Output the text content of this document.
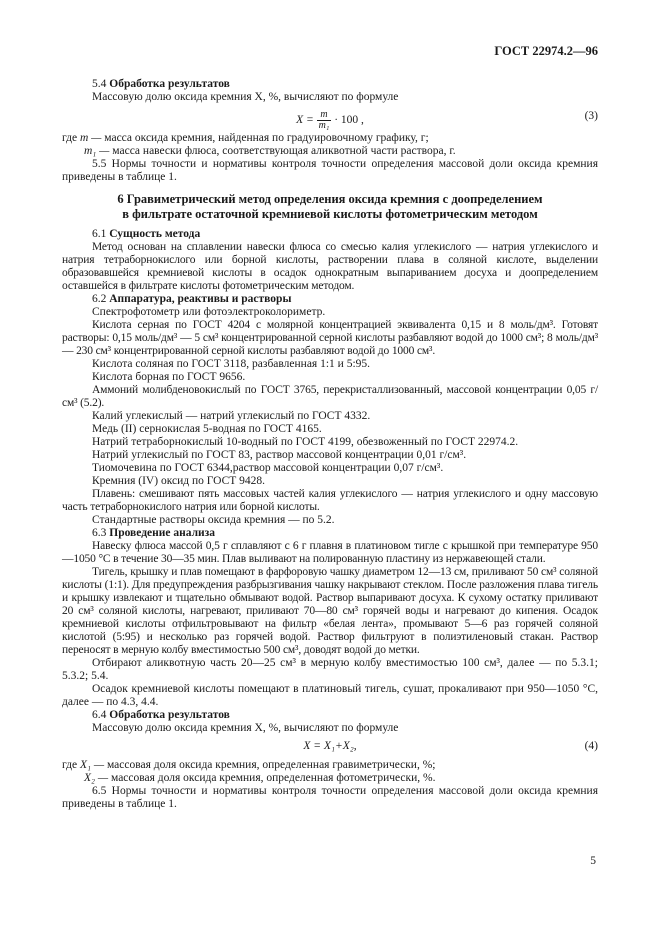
ГОСТ 22974.2—96

5.4 Обработка результатов

Массовую долю оксида кремния X, %, вычисляют по формуле

$X = \frac{m}{\text{m₁}} \cdot 100$ ,	(3)

где m — масса оксида кремния, найденная по градуировочному графику, г;

m₁ — масса навески флюса, соответствующая аликвотной части раствора, г.

5.5 Нормы точности и нормативы контроля точности определения массовой доли оксида кремния приведены в таблице 1.

6 Гравиметрический метод определения оксида кремния с доопределением
в фильтрате остаточной кремниевой кислоты фотометрическим методом

6.1 Сущность метода

Метод основан на сплавлении навески флюса со смесью калия углекислого — натрия углекислого и натрия тетраборнокислого или борной кислоты, растворении плава в соляной кислоте, выделении образовавшейся кремниевой кислоты в осадок однократным выпариванием досуха и доопределением оставшейся в фильтрате кислоты фотометрическим методом.

6.2 Аппаратура, реактивы и растворы

Спектрофотометр или фотоэлектроколориметр.

Кислота серная по ГОСТ 4204 с молярной концентрацией эквивалента 0,15 и 8 моль/дм³. Готовят растворы: 0,15 моль/дм³ — 5 см³ концентрированной серной кислоты разбавляют водой до 1000 см³; 8 моль/дм³ — 230 см³ концентрированной серной кислоты разбавляют водой до 1000 см³.

Кислота соляная по ГОСТ 3118, разбавленная 1:1 и 5:95.

Кислота борная по ГОСТ 9656.

Аммоний молибденовокислый по ГОСТ 3765, перекристаллизованный, массовой концентрации 0,05 г/см³ (5.2).

Калий углекислый — натрий углекислый по ГОСТ 4332.

Медь (II) сернокислая 5-водная по ГОСТ 4165.

Натрий тетраборнокислый 10-водный по ГОСТ 4199, обезвоженный по ГОСТ 22974.2.

Натрий углекислый по ГОСТ 83, раствор массовой концентрации 0,01 г/см³.

Тиомочевина по ГОСТ 6344,раствор массовой концентрации 0,07 г/см³.

Кремния (IV) оксид по ГОСТ 9428.

Плавень: смешивают пять массовых частей калия углекислого — натрия углекислого и одну массовую часть тетраборнокислого натрия или борной кислоты.

Стандартные растворы оксида кремния — по 5.2.

6.3 Проведение анализа

Навеску флюса массой 0,5 г сплавляют с 6 г плавня в платиновом тигле с крышкой при температуре 950—1050 °С в течение 30—35 мин. Плав выливают на полированную пластину из нержавеющей стали.

Тигель, крышку и плав помещают в фарфоровую чашку диаметром 12—13 см, приливают 50 см³ соляной кислоты (1:1). Для предупреждения разбрызгивания чашку накрывают стеклом. После разложения плава тигель и крышку извлекают и тщательно обмывают водой. Раствор выпаривают досуха. К сухому остатку приливают 20 см³ соляной кислоты, нагревают, приливают 70—80 см³ горячей воды и нагревают до кипения. Осадок кремниевой кислоты отфильтровывают на фильтр «белая лента», промывают 5—6 раз горячей соляной кислотой (5:95) и несколько раз горячей водой. Раствор фильтруют в полиэтиленовый стакан. Раствор переносят в мерную колбу вместимостью 500 см³, доводят водой до метки.

Отбирают аликвотную часть 20—25 см³ в мерную колбу вместимостью 100 см³, далее — по 5.3.1; 5.3.2; 5.4.

Осадок кремниевой кислоты помещают в платиновый тигель, сушат, прокаливают при 950—1050 °С, далее — по 4.3, 4.4.

6.4 Обработка результатов

Массовую долю оксида кремния X, %, вычисляют по формуле

X = X₁+X₂,	(4)

где X₁ — массовая доля оксида кремния, определенная гравиметрически, %;

X₂ — массовая доля оксида кремния, определенная фотометрически, %.

6.5 Нормы точности и нормативы контроля точности определения массовой доли оксида кремния приведены в таблице 1.

5
